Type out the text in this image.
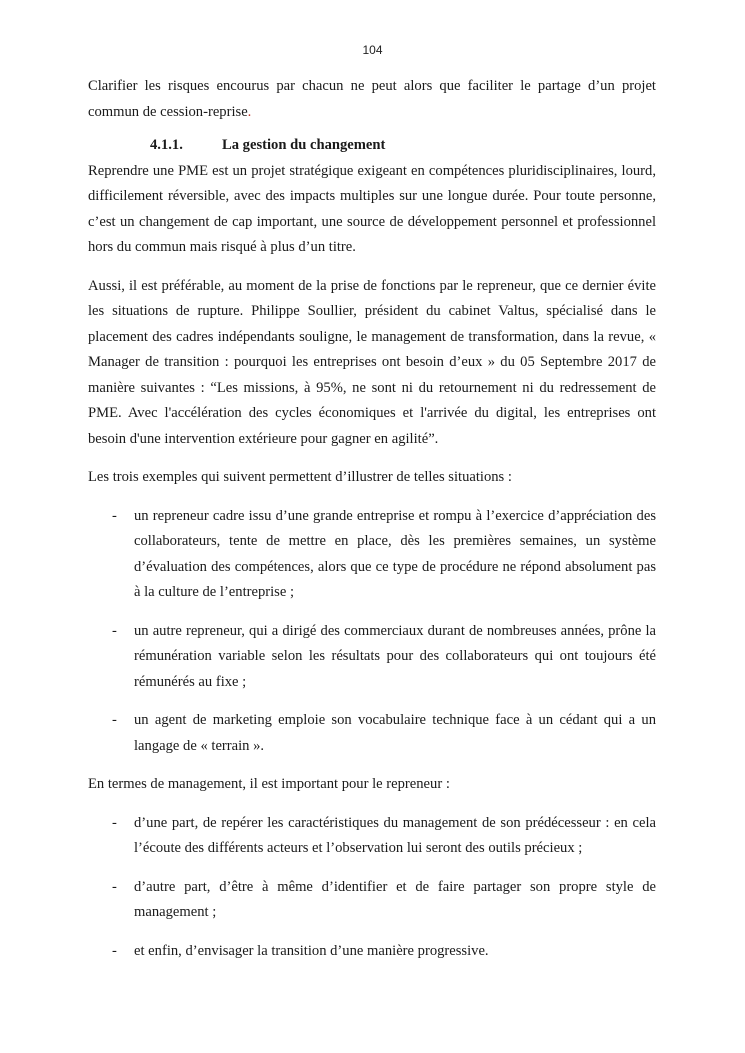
104

Clarifier les risques encourus par chacun ne peut alors que faciliter le partage d’un projet commun de cession-reprise.

4.1.1.	La gestion du changement

Reprendre une PME est un projet stratégique exigeant en compétences pluridisciplinaires, lourd, difficilement réversible, avec des impacts multiples sur une longue durée. Pour toute personne, c’est un changement de cap important, une source de développement personnel et professionnel hors du commun mais risqué à plus d’un titre.

Aussi, il est préférable, au moment de la prise de fonctions par le repreneur, que ce dernier évite les situations de rupture. Philippe Soullier, président du cabinet Valtus, spécialisé dans le placement des cadres indépendants souligne, le management de transformation, dans la revue, « Manager de transition : pourquoi les entreprises ont besoin d’eux » du 05 Septembre 2017 de manière suivantes : “Les missions, à 95%, ne sont ni du retournement ni du redressement de PME. Avec l'accélération des cycles économiques et l'arrivée du digital, les entreprises ont besoin d'une intervention extérieure pour gagner en agilité”.

Les trois exemples qui suivent permettent d’illustrer de telles situations :

- un repreneur cadre issu d’une grande entreprise et rompu à l’exercice d’appréciation des collaborateurs, tente de mettre en place, dès les premières semaines, un système d’évaluation des compétences, alors que ce type de procédure ne répond absolument pas à la culture de l’entreprise ;
- un autre repreneur, qui a dirigé des commerciaux durant de nombreuses années, prône la rémunération variable selon les résultats pour des collaborateurs qui ont toujours été rémunérés au fixe ;
- un agent de marketing emploie son vocabulaire technique face à un cédant qui a un langage de « terrain ».

En termes de management, il est important pour le repreneur :

- d’une part, de repérer les caractéristiques du management de son prédécesseur : en cela l’écoute des différents acteurs et l’observation lui seront des outils précieux ;
- d’autre part, d’être à même d’identifier et de faire partager son propre style de management ;
- et enfin, d’envisager la transition d’une manière progressive.
